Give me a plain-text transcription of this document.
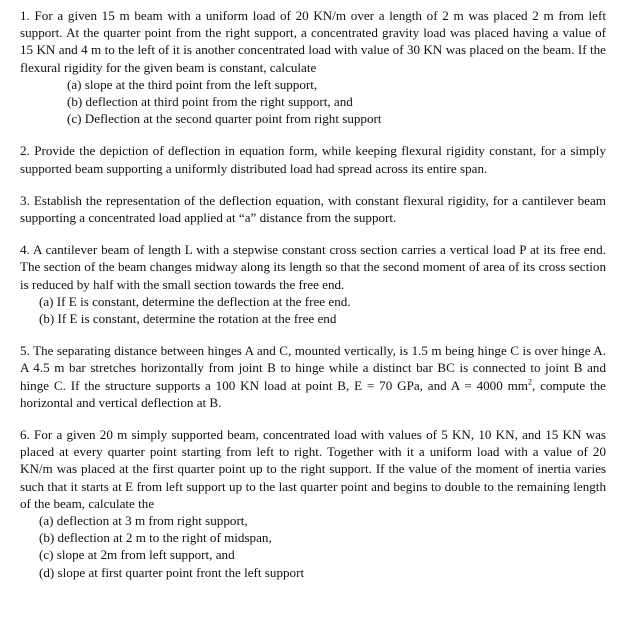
1. For a given 15 m beam with a uniform load of 20 KN/m over a length of 2 m was placed 2 m from left support. At the quarter point from the right support, a concentrated gravity load was placed having a value of 15 KN and 4 m to the left of it is another concentrated load with value of 30 KN was placed on the beam. If the flexural rigidity for the given beam is constant, calculate

(a) slope at the third point from the left support,
(b) deflection at third point from the right support, and
(c) Deflection at the second quarter point from right support

2. Provide the depiction of deflection in equation form, while keeping flexural rigidity constant, for a simply supported beam supporting a uniformly distributed load had spread across its entire span.

3. Establish the representation of the deflection equation, with constant flexural rigidity, for a cantilever beam supporting a concentrated load applied at “a” distance from the support.

4. A cantilever beam of length L with a stepwise constant cross section carries a vertical load P at its free end. The section of the beam changes midway along its length so that the second moment of area of its cross section is reduced by half with the small section towards the free end.

(a) If E is constant, determine the deflection at the free end.
(b) If E is constant, determine the rotation at the free end

5. The separating distance between hinges A and C, mounted vertically, is 1.5 m being hinge C is over hinge A. A 4.5 m bar stretches horizontally from joint B to hinge while a distinct bar BC is connected to joint B and hinge C. If the structure supports a 100 KN load at point B, E = 70 GPa, and A = 4000 $mm^2$, compute the horizontal and vertical deflection at B.

6. For a given 20 m simply supported beam, concentrated load with values of 5 KN, 10 KN, and 15 KN was placed at every quarter point starting from left to right. Together with it a uniform load with a value of 20 KN/m was placed at the first quarter point up to the right support. If the value of the moment of inertia varies such that it starts at E from left support up to the last quarter point and begins to double to the remaining length of the beam, calculate the

(a) deflection at 3 m from right support,
(b) deflection at 2 m to the right of midspan,
(c) slope at 2m from left support, and
(d) slope at first quarter point front the left support
